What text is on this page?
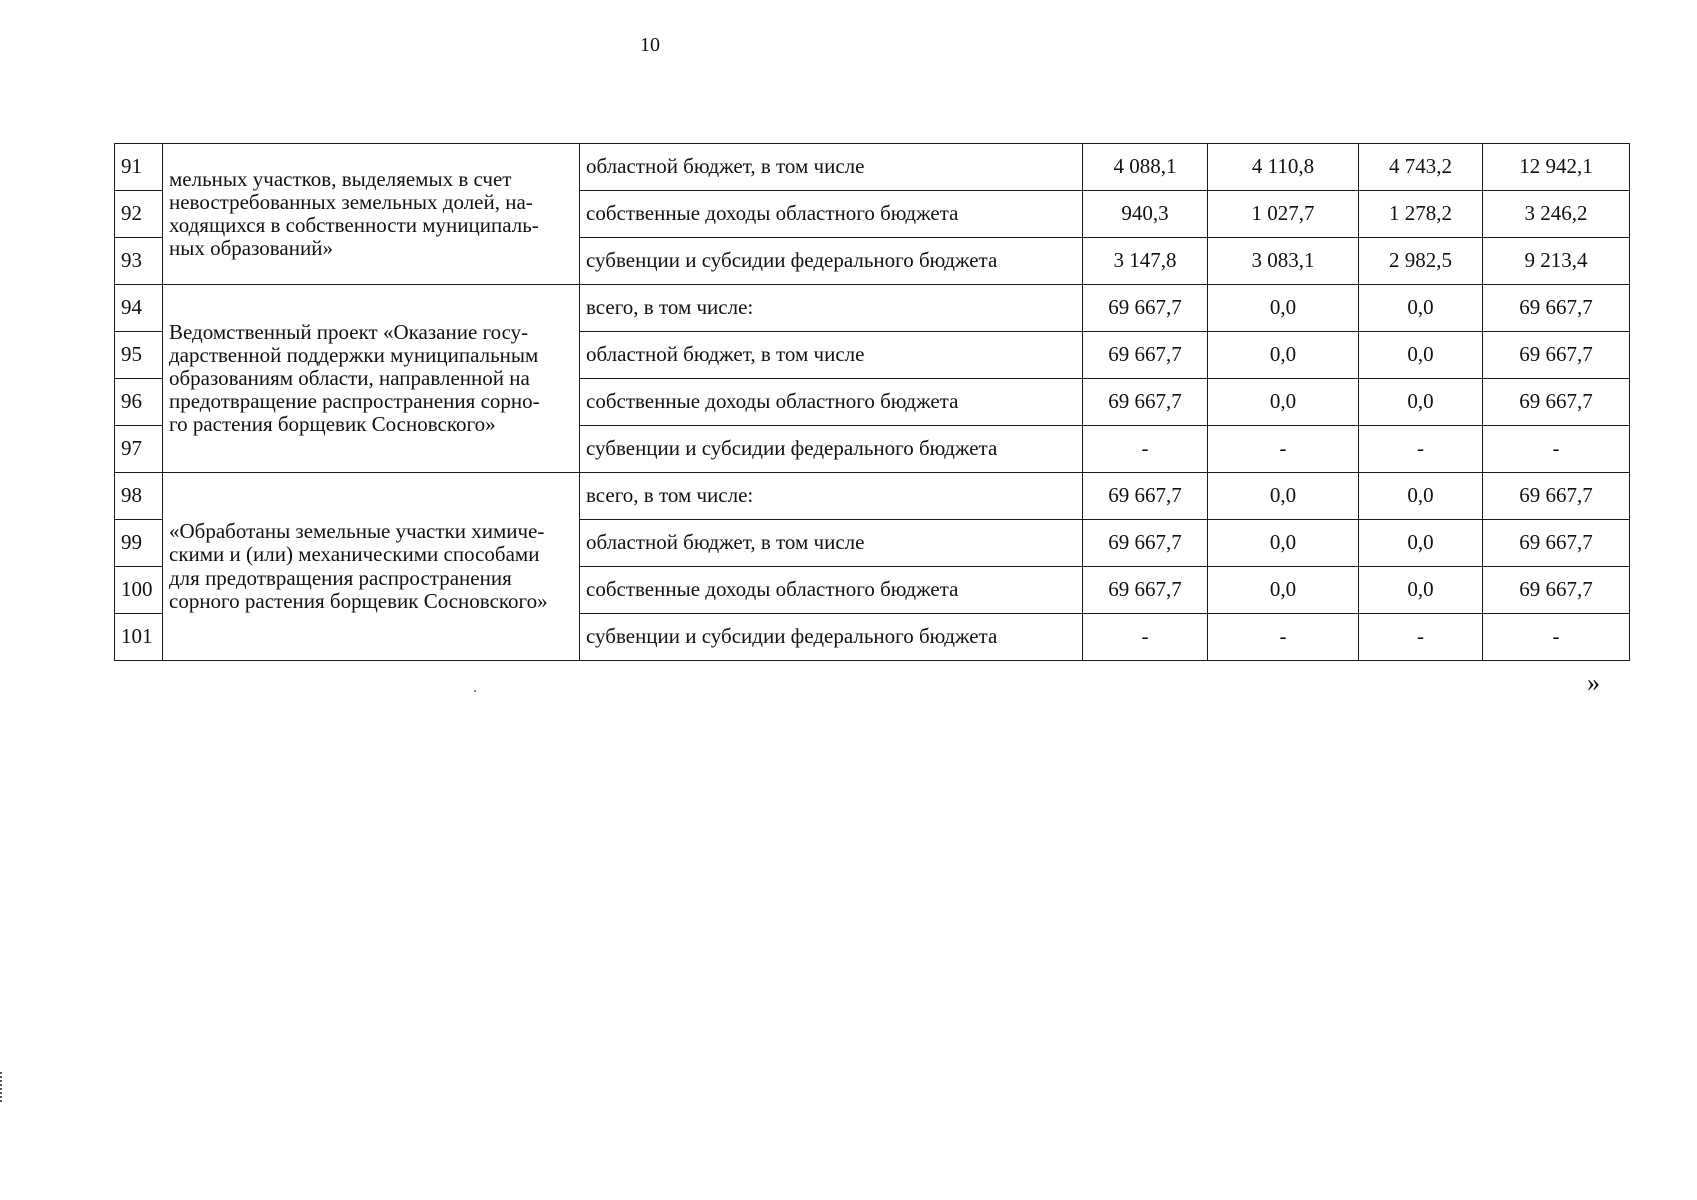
10
91	мельных участков, выделяемых в счет
невостребованных земельных долей, на-
ходящихся в собственности муниципаль-
ных образований»	областной бюджет, в том числе	4 088,1	4 110,8	4 743,2	12 942,1
92		собственные доходы областного бюджета	940,3	1 027,7	1 278,2	3 246,2
93		субвенции и субсидии федерального бюджета	3 147,8	3 083,1	2 982,5	9 213,4
94	Ведомственный проект «Оказание госу-
дарственной поддержки муниципальным
образованиям области, направленной на
предотвращение распространения сорно-
го растения борщевик Сосновского»	всего, в том числе:	69 667,7	0,0	0,0	69 667,7
95		областной бюджет, в том числе	69 667,7	0,0	0,0	69 667,7
96		собственные доходы областного бюджета	69 667,7	0,0	0,0	69 667,7
97		субвенции и субсидии федерального бюджета	-	-	-	-
98	«Обработаны земельные участки химиче-
скими и (или) механическими способами
для предотвращения распространения
сорного растения борщевик Сосновского»	всего, в том числе:	69 667,7	0,0	0,0	69 667,7
99		областной бюджет, в том числе	69 667,7	0,0	0,0	69 667,7
100		собственные доходы областного бюджета	69 667,7	0,0	0,0	69 667,7
101		субвенции и субсидии федерального бюджета	-	-	-	-
»
